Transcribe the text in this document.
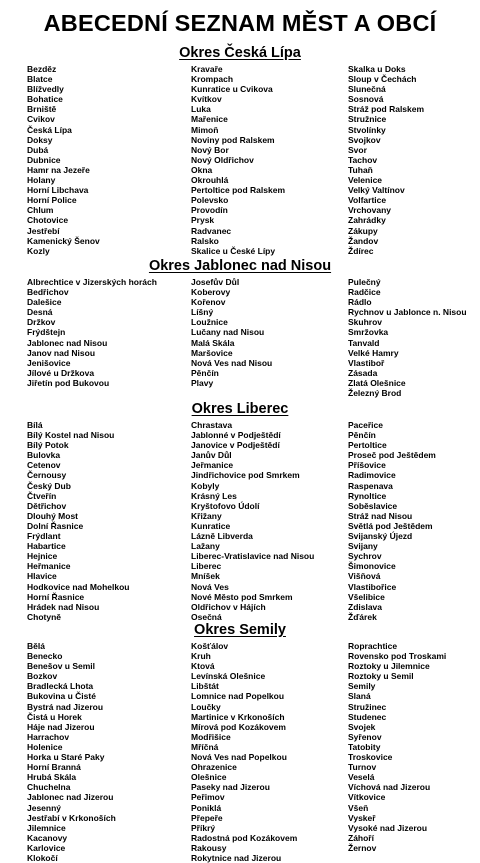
ABECEDNÍ SEZNAM MĚST A OBCÍ
Okres Česká Lípa
Bezděz
Blatce
Blížvedly
Bohatice
Brniště
Cvikov
Česká Lípa
Doksy
Dubá
Dubnice
Hamr na Jezeře
Holany
Horní Libchava
Horní Police
Chlum
Chotovice
Jestřebí
Kamenický Šenov
Kozly
Kravaře
Krompach
Kunratice u Cvikova
Kvítkov
Luka
Mařenice
Mimoň
Noviny pod Ralskem
Nový Bor
Nový Oldřichov
Okna
Okrouhlá
Pertoltice pod Ralskem
Polevsko
Provodín
Prysk
Radvanec
Ralsko
Skalice u České Lípy
Skalka u Doks
Sloup v Čechách
Slunečná
Sosnová
Stráž pod Ralskem
Stružnice
Stvolínky
Svojkov
Svor
Tachov
Tuhaň
Velenice
Velký Valtínov
Volfartice
Vrchovany
Zahrádky
Zákupy
Žandov
Ždírec
Okres Jablonec nad Nisou
Albrechtice v Jizerských horách
Bedřichov
Dalešice
Desná
Držkov
Frýdštejn
Jablonec nad Nisou
Janov nad Nisou
Jenišovice
Jílové u Držkova
Jiřetín pod Bukovou
Josefův Důl
Koberovy
Kořenov
Líšný
Loužnice
Lučany nad Nisou
Malá Skála
Maršovice
Nová Ves nad Nisou
Pěnčín
Plavy
Pulečný
Radčice
Rádlo
Rychnov u Jablonce n. Nisou
Skuhrov
Smržovka
Tanvald
Velké Hamry
Vlastiboř
Zásada
Zlatá Olešnice
Železný Brod
Okres Liberec
Bílá
Bílý Kostel nad Nisou
Bílý Potok
Bulovka
Cetenov
Černousy
Český Dub
Čtveřín
Dětřichov
Dlouhý Most
Dolní Řasnice
Frýdlant
Habartice
Hejnice
Heřmanice
Hlavice
Hodkovice nad Mohelkou
Horní Řasnice
Hrádek nad Nisou
Chotyně
Chrastava
Jablonné v Podještědí
Janovice v Podještědí
Janův Důl
Jeřmanice
Jindřichovice pod Smrkem
Kobyly
Krásný Les
Kryštofovo Údolí
Křižany
Kunratice
Lázně Libverda
Lažany
Liberec-Vratislavice nad Nisou
Liberec
Mníšek
Nová Ves
Nové Město pod Smrkem
Oldřichov v Hájích
Osečná
Paceřice
Pěnčín
Pertoltice
Proseč pod Ještědem
Příšovice
Radimovice
Raspenava
Rynoltice
Soběslavice
Stráž nad Nisou
Světlá pod Ještědem
Svijanský Újezd
Svijany
Sychrov
Šimonovice
Višňová
Vlastibořice
Všelibice
Zdislava
Žďárek
Okres Semily
Bělá
Benecko
Benešov u Semil
Bozkov
Bradlecká Lhota
Bukovina u Čisté
Bystrá nad Jizerou
Čistá u Horek
Háje nad Jizerou
Harrachov
Holenice
Horka u Staré Paky
Horní Branná
Hrubá Skála
Chuchelna
Jablonec nad Jizerou
Jesenný
Jestřabí v Krkonoších
Jilemnice
Kacanovy
Karlovice
Klokočí
Košťálov
Kruh
Ktová
Levínská Olešnice
Libštát
Lomnice nad Popelkou
Loučky
Martinice v Krkonoších
Mírová pod Kozákovem
Modřišice
Mříčná
Nová Ves nad Popelkou
Ohrazenice
Olešnice
Paseky nad Jizerou
Peřimov
Poniklá
Přepeře
Příkrý
Radostná pod Kozákovem
Rakousy
Rokytnice nad Jizerou
Roprachtice
Rovensko pod Troskami
Roztoky u Jilemnice
Roztoky u Semil
Semily
Slaná
Stružinec
Studenec
Svojek
Syřenov
Tatobity
Troskovice
Turnov
Veselá
Víchová nad Jizerou
Vítkovice
Všeň
Vyskeř
Vysoké nad Jizerou
Záhoří
Žernov
